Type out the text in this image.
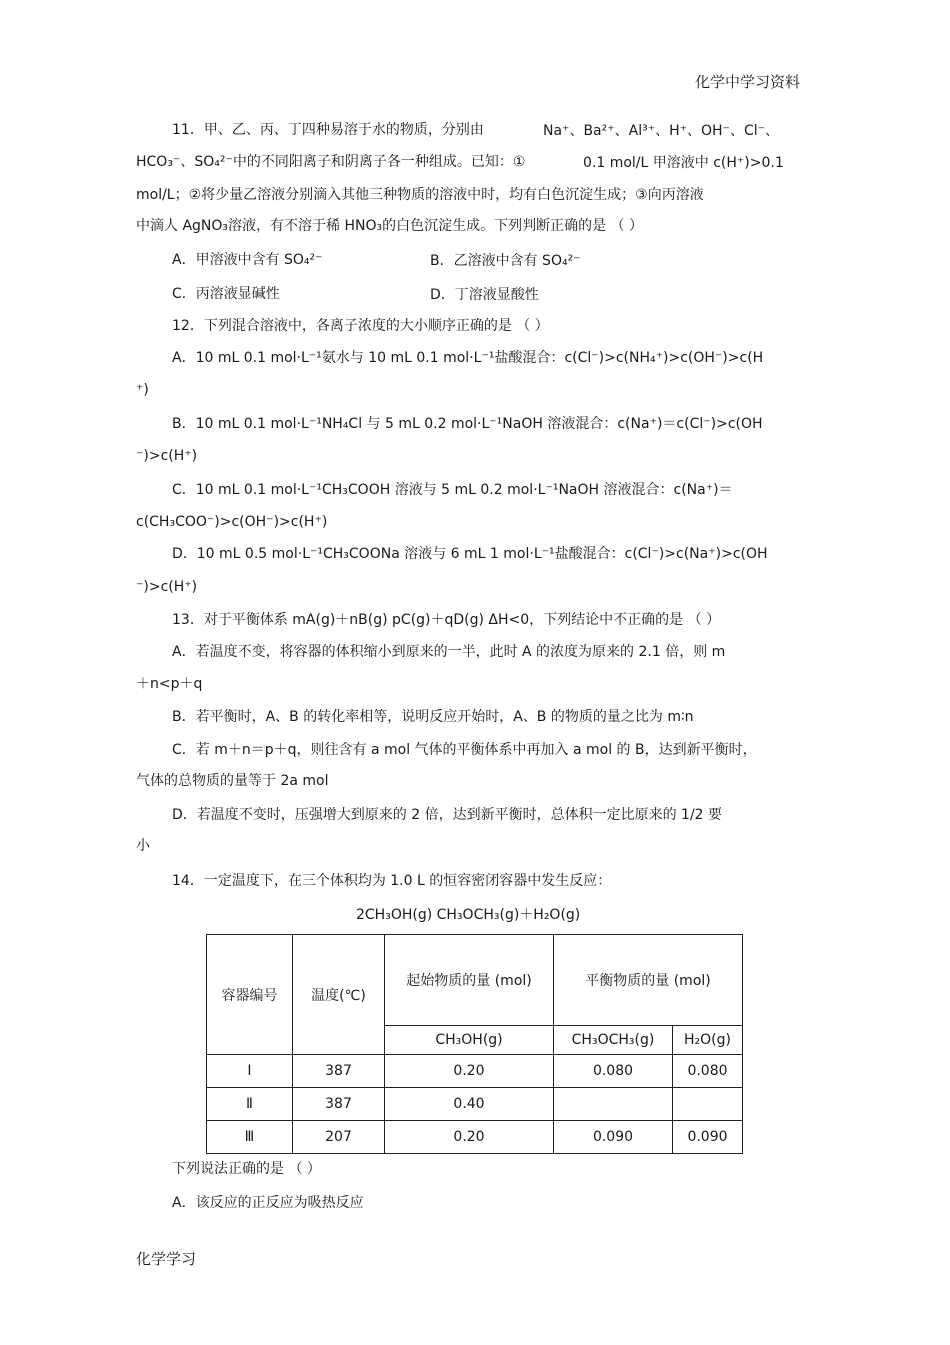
化学中学习资料
11．甲、乙、丙、丁四种易溶于水的物质，分别由	Na⁺、Ba²⁺、Al³⁺、H⁺、OH⁻、Cl⁻、
HCO₃⁻、SO₄²⁻中的不同阳离子和阴离子各一种组成。已知：①	0.1 mol/L 甲溶液中 c(H⁺)>0.1
mol/L；②将少量乙溶液分别滴入其他三种物质的溶液中时，均有白色沉淀生成；③向丙溶液
中滴人 AgNO₃溶液，有不溶于稀 HNO₃的白色沉淀生成。下列判断正确的是 （ ）
A．甲溶液中含有 SO₄²⁻	B．乙溶液中含有 SO₄²⁻
C．丙溶液显碱性	D．丁溶液显酸性
12．下列混合溶液中，各离子浓度的大小顺序正确的是 （ ）
A．10 mL 0.1 mol·L⁻¹氨水与 10 mL 0.1 mol·L⁻¹盐酸混合：c(Cl⁻)>c(NH₄⁺)>c(OH⁻)>c(H
⁺)
B．10 mL 0.1 mol·L⁻¹NH₄Cl 与 5 mL 0.2 mol·L⁻¹NaOH 溶液混合：c(Na⁺)＝c(Cl⁻)>c(OH
⁻)>c(H⁺)
C．10 mL 0.1 mol·L⁻¹CH₃COOH 溶液与 5 mL 0.2 mol·L⁻¹NaOH 溶液混合：c(Na⁺)＝
c(CH₃COO⁻)>c(OH⁻)>c(H⁺)
D．10 mL 0.5 mol·L⁻¹CH₃COONa 溶液与 6 mL 1 mol·L⁻¹盐酸混合：c(Cl⁻)>c(Na⁺)>c(OH
⁻)>c(H⁺)
13．对于平衡体系 mA(g)＋nB(g) pC(g)＋qD(g) ΔH<0，下列结论中不正确的是 （ ）
A．若温度不变，将容器的体积缩小到原来的一半，此时 A 的浓度为原来的 2.1 倍，则 m
＋n<p＋q
B．若平衡时，A、B 的转化率相等，说明反应开始时，A、B 的物质的量之比为 m∶n
C．若 m＋n＝p＋q，则往含有 a mol 气体的平衡体系中再加入 a mol 的 B，达到新平衡时，
气体的总物质的量等于 2a mol
D．若温度不变时，压强增大到原来的 2 倍，达到新平衡时，总体积一定比原来的 1/2 要
小
14．一定温度下，在三个体积均为 1.0 L 的恒容密闭容器中发生反应：
2CH₃OH(g) CH₃OCH₃(g)＋H₂O(g)
容器编号	温度(℃)	起始物质的量 (mol)	平衡物质的量 (mol)	
		CH₃OH(g)	CH₃OCH₃(g)	H₂O(g)
Ⅰ	387	0.20	0.080	0.080
Ⅱ	387	0.40		
Ⅲ	207	0.20	0.090	0.090
下列说法正确的是 （ ）
A．该反应的正反应为吸热反应
化学学习
